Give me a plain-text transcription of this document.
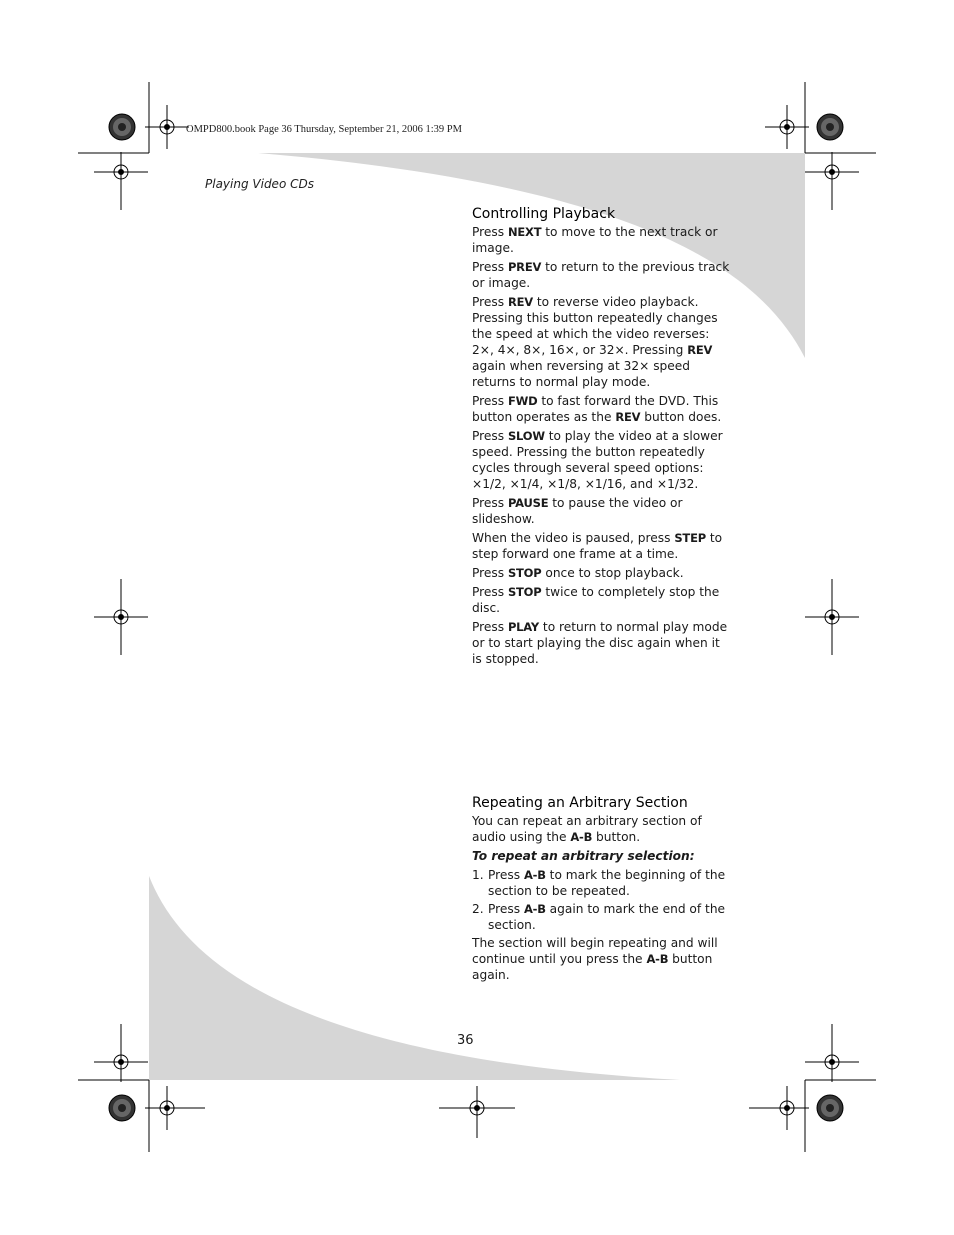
OMPD800.book Page 36 Thursday, September 21, 2006 1:39 PM
Playing Video CDs
Controlling Playback

Press NEXT to move to the next track or image.

Press PREV to return to the previous track or image.

Press REV to reverse video playback. Pressing this button repeatedly changes the speed at which the video reverses: 2×, 4×, 8×, 16×, or 32×. Pressing REV again when reversing at 32× speed returns to normal play mode.

Press FWD to fast forward the DVD. This button operates as the REV button does.

Press SLOW to play the video at a slower speed. Pressing the button repeatedly cycles through several speed options: ×1/2, ×1/4, ×1/8, ×1/16, and ×1/32.

Press PAUSE to pause the video or slideshow.

When the video is paused, press STEP to step forward one frame at a time.

Press STOP once to stop playback.

Press STOP twice to completely stop the disc.

Press PLAY to return to normal play mode or to start playing the disc again when it is stopped.

Repeating an Arbitrary Section

You can repeat an arbitrary section of audio using the A-B button.

To repeat an arbitrary selection:

1. Press A-B to mark the beginning of the section to be repeated.
2. Press A-B again to mark the end of the section.

The section will begin repeating and will continue until you press the A-B button again.

36
